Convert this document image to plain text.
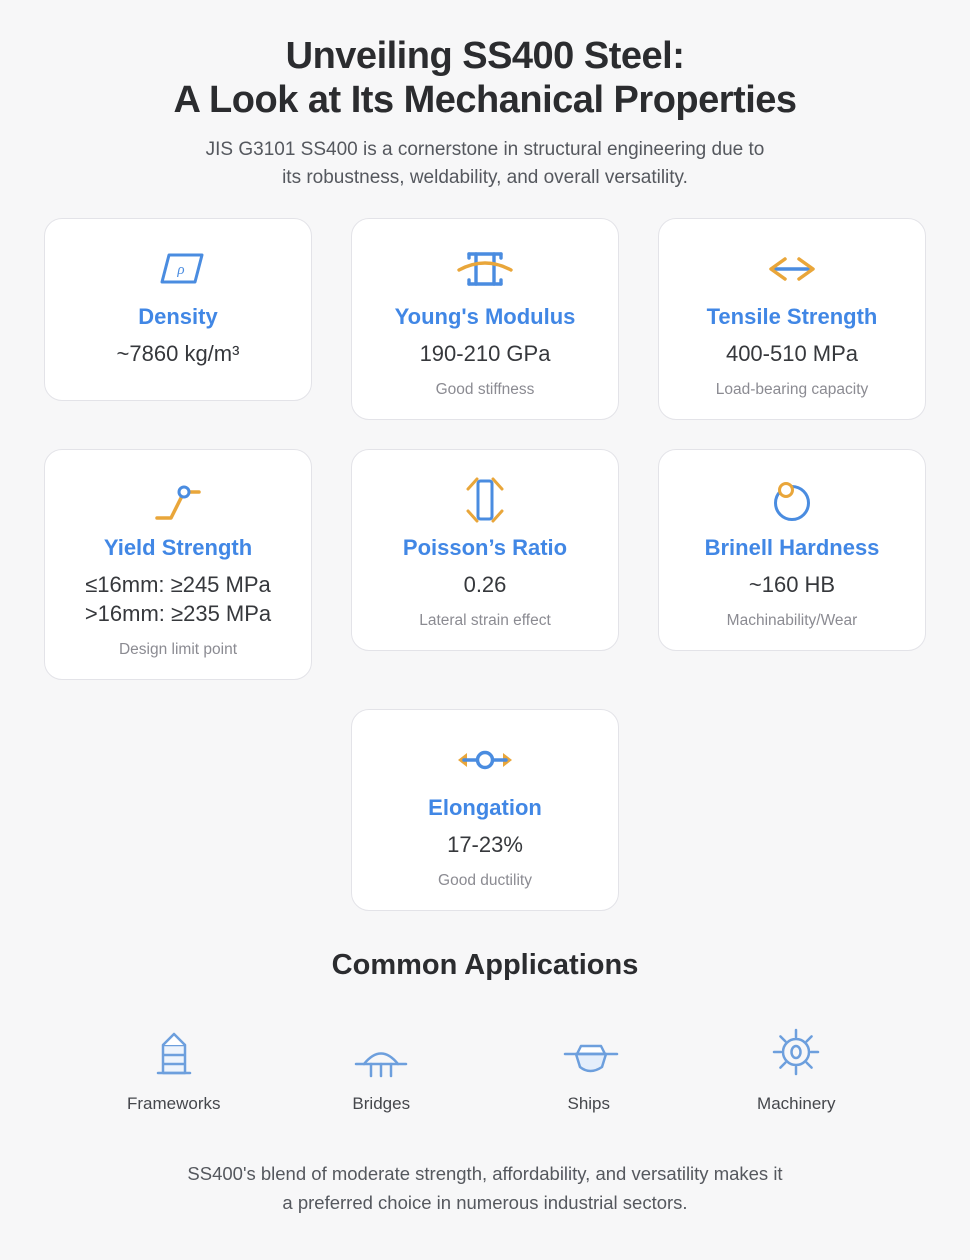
Unveiling SS400 Steel:
A Look at Its Mechanical Properties
JIS G3101 SS400 is a cornerstone in structural engineering due to its robustness, weldability, and overall versatility.
ρ
Density
~7860 kg/m³
Young's Modulus
190-210 GPa
Good stiffness
Tensile Strength
400-510 MPa
Load-bearing capacity
Yield Strength
≤16mm: ≥245 MPa
>16mm: ≥235 MPa
Design limit point
Poisson’s Ratio
0.26
Lateral strain effect
Brinell Hardness
~160 HB
Machinability/Wear
Elongation
17-23%
Good ductility
Common Applications
Frameworks	Bridges	Ships	Machinery
SS400's blend of moderate strength, affordability, and versatility makes it a preferred choice in numerous industrial sectors.
